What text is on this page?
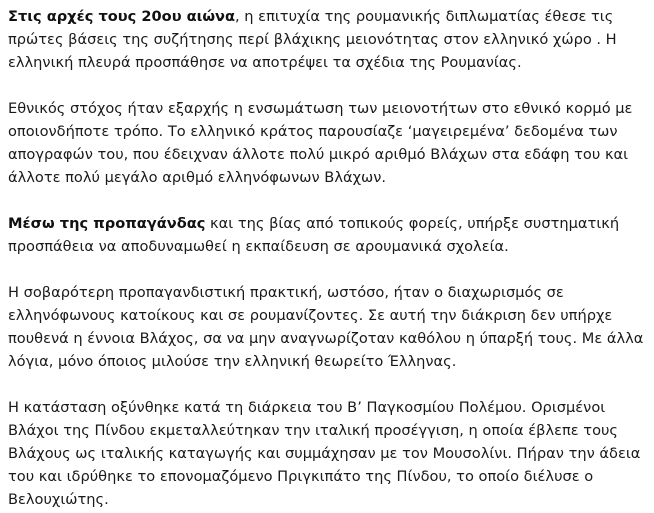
Στις αρχές τους 20ου αιώνα, η επιτυχία της ρουμανικής διπλωματίας έθεσε τις πρώτες βάσεις της συζήτησης περί βλάχικης μειονότητας στον ελληνικό χώρο . Η ελληνική πλευρά προσπάθησε να αποτρέψει τα σχέδια της Ρουμανίας.

Εθνικός στόχος ήταν εξαρχής η ενσωμάτωση των μειονοτήτων στο εθνικό κορμό με οποιονδήποτε τρόπο. Το ελληνικό κράτος παρουσίαζε ‘μαγειρεμένα’ δεδομένα των απογραφών του, που έδειχναν άλλοτε πολύ μικρό αριθμό Βλάχων στα εδάφη του και άλλοτε πολύ μεγάλο αριθμό ελληνόφωνων Βλάχων.

Μέσω της προπαγάνδας και της βίας από τοπικούς φορείς, υπήρξε συστηματική προσπάθεια να αποδυναμωθεί η εκπαίδευση σε αρουμανικά σχολεία.

Η σοβαρότερη προπαγανδιστική πρακτική, ωστόσο, ήταν ο διαχωρισμός σε ελληνόφωνους κατοίκους και σε ρουμανίζοντες. Σε αυτή την διάκριση δεν υπήρχε πουθενά η έννοια Βλάχος, σα να μην αναγνωρίζοταν καθόλου η ύπαρξή τους. Με άλλα λόγια, μόνο όποιος μιλούσε την ελληνική θεωρείτο Έλληνας.

Η κατάσταση οξύνθηκε κατά τη διάρκεια του Β’ Παγκοσμίου Πολέμου. Ορισμένοι Βλάχοι της Πίνδου εκμεταλλεύτηκαν την ιταλική προσέγγιση, η οποία έβλεπε τους Βλάχους ως ιταλικής καταγωγής και συμμάχησαν με τον Μουσολίνι. Πήραν την άδεια του και ιδρύθηκε το επονομαζόμενο Πριγκιπάτο της Πίνδου, το οποίο διέλυσε ο Βελουχιώτης.
